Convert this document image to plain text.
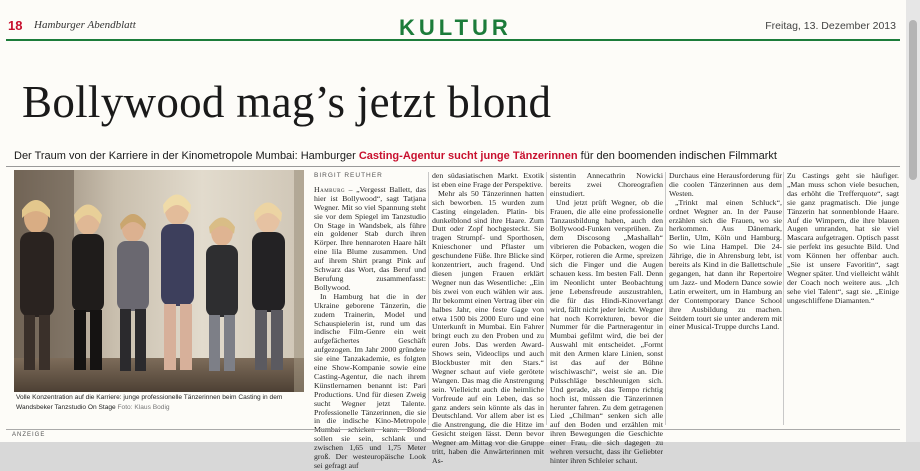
18 Hamburger Abendblatt	KULTUR	Freitag, 13. Dezember 2013
Bollywood mag’s jetzt blond
Der Traum von der Karriere in der Kinometropole Mumbai: Hamburger Casting-Agentur sucht junge Tänzerinnen für den boomenden indischen Filmmarkt
Volle Konzentration auf die Karriere: junge professionelle Tänzerinnen beim Casting in dem Wandsbeker Tanzstudio On Stage Foto: Klaus Bodig
BIRGIT REUTHER

Hamburg – „Vergesst Ballett, das hier ist Bollywood“, sagt Tatjana Wegner. Mit so viel Spannung steht sie vor dem Spiegel im Tanzstudio On Stage in Wandsbek, als führe ein goldener Stab durch ihren Körper. Ihre hennaroten Haare hält eine lila Blume zusammen. Und auf ihrem Shirt prangt Pink auf Schwarz das Wort, das Beruf und Berufung zusammenfasst: Bollywood.

In Hamburg hat die in der Ukraine geborene Tänzerin, die zudem Trainerin, Model und Schauspielerin ist, rund um das indische Film-Genre ein weit aufgefächertes Geschäft aufgezogen. Im Jahr 2000 gründete sie eine Tanzakademie, es folgten eine Show-Kompanie sowie eine Casting-Agentur, die nach ihrem Künstlernamen benannt ist: Pari Productions. Und für diesen Zweig sucht Wegner jetzt Talente. Professionelle Tänzerinnen, die sie in die indische Kino-Metropole Mumbai schicken kann. Blond sollen sie sein, schlank und zwischen 1,65 und 1,75 Meter groß. Der westeuropäische Look sei gefragt auf

den südasiatischen Markt. Exotik ist eben eine Frage der Perspektive.

Mehr als 50 Tänzerinnen hatten sich beworben. 15 wurden zum Casting eingeladen. Platin- bis dunkelblond sind ihre Haare. Zum Dutt oder Zopf hochgesteckt. Sie tragen Strumpf- und Sporthosen, Knieschoner und Pflaster um geschundene Füße. Ihre Blicke sind konzentriert, auch fragend. Und diesen jungen Frauen erklärt Wegner nun das Wesentliche: „Ein bis zwei von euch wählen wir aus. Ihr bekommt einen Vertrag über ein halbes Jahr, eine feste Gage von etwa 1500 bis 2000 Euro und eine Unterkunft in Mumbai. Ein Fahrer bringt euch zu den Proben und zu euren Jobs. Das werden Award-Shows sein, Videoclips und auch Blockbuster mit den Stars.“ Wegner schaut auf viele gerötete Wangen. Das mag die Anstrengung sein. Vielleicht auch die heimliche Vorfreude auf ein Leben, das so ganz anders sein könnte als das in Deutschland. Vor allem aber ist es die Anstrengung, die die Hitze im Gesicht steigen lässt. Denn bevor Wegner am Mittag vor die Gruppe tritt, haben die Anwärterinnen mit As-

sistentin Annecathrin Nowicki bereits zwei Choreografien einstudiert.

Und jetzt prüft Wegner, ob die Frauen, die alle eine professionelle Tanzausbildung haben, auch den Bollywood-Funken versprühen. Zu dem Discosong „Mashallah“ vibrieren die Pobacken, wogen die Körper, rotieren die Arme, spreizen sich die Finger und die Augen schauen kess. Im besten Fall. Denn im Neonlicht unter Beobachtung jene Lebensfreude auszustrahlen, die für das Hindi-Kinoverlangt wird, fällt nicht jeder leicht. Wegner hat noch Korrekturen, bevor die Nummer für die Partneragentur in Mumbai gefilmt wird, die bei der Auswahl mit entscheidet. „Formt mit den Armen klare Linien, sonst ist das auf der Bühne wischiwaschi“, weist sie an. Die Pulsschläge beschleunigen sich. Und gerade, als das Tempo richtig hoch ist, müssen die Tänzerinnen herunter fahren. Zu dem getragenen Lied „Chilman“ senken sich alle auf den Boden und erzählen mit ihren Bewegungen die Geschichte einer Frau, die sich dagegen zu wehren versucht, dass ihr Geliebter hinter ihren Schleier schaut.

Durchaus eine Herausforderung für die coolen Tänzerinnen aus dem Westen.

„Trinkt mal einen Schluck“, ordnet Wegner an. In der Pause erzählen sich die Frauen, wo sie herkommen. Aus Dänemark, Berlin, Ulm, Köln und Hamburg. So wie Lina Hampel. Die 24-Jährige, die in Ahrensburg lebt, ist bereits als Kind in die Ballettschule gegangen, hat dann ihr Repertoire um Jazz- und Modern Dance sowie Latin erweitert, um in Hamburg an der Contemporary Dance School ihre Ausbildung zu machen. Seitdem tourt sie unter anderem mit einer Musical-Truppe durchs Land.

Zu Castings geht sie häufiger. „Man muss schon viele besuchen, das erhöht die Trefferquote“, sagt sie ganz pragmatisch. Die junge Tänzerin hat sonnenblonde Haare. Auf die Wimpern, die ihre blauen Augen umranden, hat sie viel Mascara aufgetragen. Optisch passt sie perfekt ins gesuchte Bild. Und vom Können her offenbar auch. „Sie ist unsere Favoritin“, sagt Wegner später. Und vielleicht wählt der Coach noch weitere aus. „Ich sehe viel Talent“, sagt sie. „Einige ungeschliffene Diamanten.“

ANZEIGE
